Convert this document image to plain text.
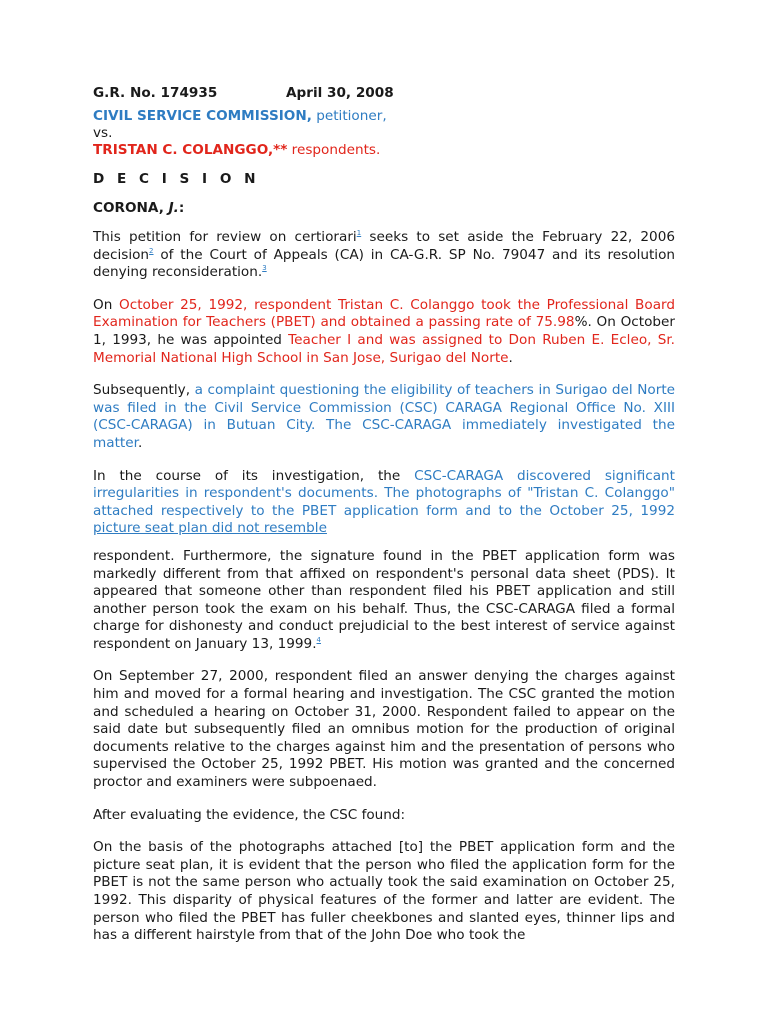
G.R. No. 174935	April 30, 2008
CIVIL SERVICE COMMISSION, petitioner,
vs.
TRISTAN C. COLANGGO,** respondents.
D E C I S I O N
CORONA, J.:

This petition for review on certiorari$^1$ seeks to set aside the February 22, 2006 decision$^2$ of the Court of Appeals (CA) in CA-G.R. SP No. 79047 and its resolution denying reconsideration.$^3$

On October 25, 1992, respondent Tristan C. Colanggo took the Professional Board Examination for Teachers (PBET) and obtained a passing rate of 75.98%. On October 1, 1993, he was appointed Teacher I and was assigned to Don Ruben E. Ecleo, Sr. Memorial National High School in San Jose, Surigao del Norte.

Subsequently, a complaint questioning the eligibility of teachers in Surigao del Norte was filed in the Civil Service Commission (CSC) CARAGA Regional Office No. XIII (CSC-CARAGA) in Butuan City. The CSC-CARAGA immediately investigated the matter.

In the course of its investigation, the CSC-CARAGA discovered significant irregularities in respondent's documents. The photographs of "Tristan C. Colanggo" attached respectively to the PBET application form and to the October 25, 1992 picture seat plan did not resemble

respondent. Furthermore, the signature found in the PBET application form was markedly different from that affixed on respondent's personal data sheet (PDS). It appeared that someone other than respondent filed his PBET application and still another person took the exam on his behalf. Thus, the CSC-CARAGA filed a formal charge for dishonesty and conduct prejudicial to the best interest of service against respondent on January 13, 1999.$^4$

On September 27, 2000, respondent filed an answer denying the charges against him and moved for a formal hearing and investigation. The CSC granted the motion and scheduled a hearing on October 31, 2000. Respondent failed to appear on the said date but subsequently filed an omnibus motion for the production of original documents relative to the charges against him and the presentation of persons who supervised the October 25, 1992 PBET. His motion was granted and the concerned proctor and examiners were subpoenaed.

After evaluating the evidence, the CSC found:

On the basis of the photographs attached [to] the PBET application form and the picture seat plan, it is evident that the person who filed the application form for the PBET is not the same person who actually took the said examination on October 25, 1992. This disparity of physical features of the former and latter are evident. The person who filed the PBET has fuller cheekbones and slanted eyes, thinner lips and has a different hairstyle from that of the John Doe who took the
